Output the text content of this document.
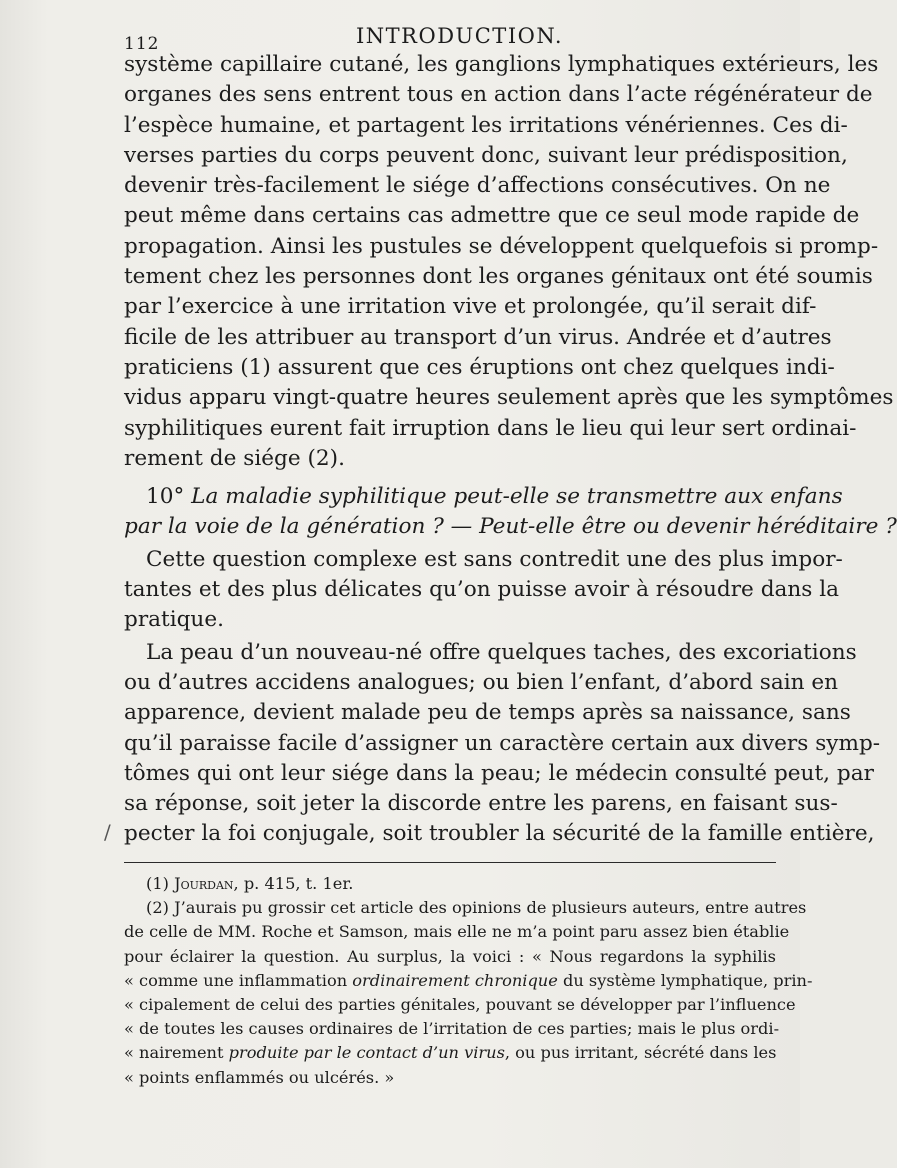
112	INTRODUCTION.
système capillaire cutané, les ganglions lymphatiques extérieurs, les
organes des sens entrent tous en action dans l’acte régénérateur de
l’espèce humaine, et partagent les irritations vénériennes. Ces di-
verses parties du corps peuvent donc, suivant leur prédisposition,
devenir très-facilement le siége d’affections consécutives. On ne
peut même dans certains cas admettre que ce seul mode rapide de
propagation. Ainsi les pustules se développent quelquefois si promp-
tement chez les personnes dont les organes génitaux ont été soumis
par l’exercice à une irritation vive et prolongée, qu’il serait dif-
ficile de les attribuer au transport d’un virus. Andrée et d’autres
praticiens (1) assurent que ces éruptions ont chez quelques indi-
vidus apparu vingt-quatre heures seulement après que les symptômes
syphilitiques eurent fait irruption dans le lieu qui leur sert ordinai-
rement de siége (2).
10° La maladie syphilitique peut-elle se transmettre aux enfans
par la voie de la génération ? — Peut-elle être ou devenir héréditaire ?
Cette question complexe est sans contredit une des plus impor-
tantes et des plus délicates qu’on puisse avoir à résoudre dans la
pratique.
La peau d’un nouveau-né offre quelques taches, des excoriations
ou d’autres accidens analogues; ou bien l’enfant, d’abord sain en
apparence, devient malade peu de temps après sa naissance, sans
qu’il paraisse facile d’assigner un caractère certain aux divers symp-
tômes qui ont leur siége dans la peau; le médecin consulté peut, par
sa réponse, soit jeter la discorde entre les parens, en faisant sus-
pecter la foi conjugale, soit troubler la sécurité de la famille entière,
/
(1) Jourdan, p. 415, t. 1er.
(2) J’aurais pu grossir cet article des opinions de plusieurs auteurs, entre autres
de celle de MM. Roche et Samson, mais elle ne m’a point paru assez bien établie
pour éclairer la question. Au surplus, la voici : « Nous regardons la syphilis
« comme une inflammation ordinairement chronique du système lymphatique, prin-
« cipalement de celui des parties génitales, pouvant se développer par l’influence
« de toutes les causes ordinaires de l’irritation de ces parties; mais le plus ordi-
« nairement produite par le contact d’un virus, ou pus irritant, sécrété dans les
« points enflammés ou ulcérés. »
